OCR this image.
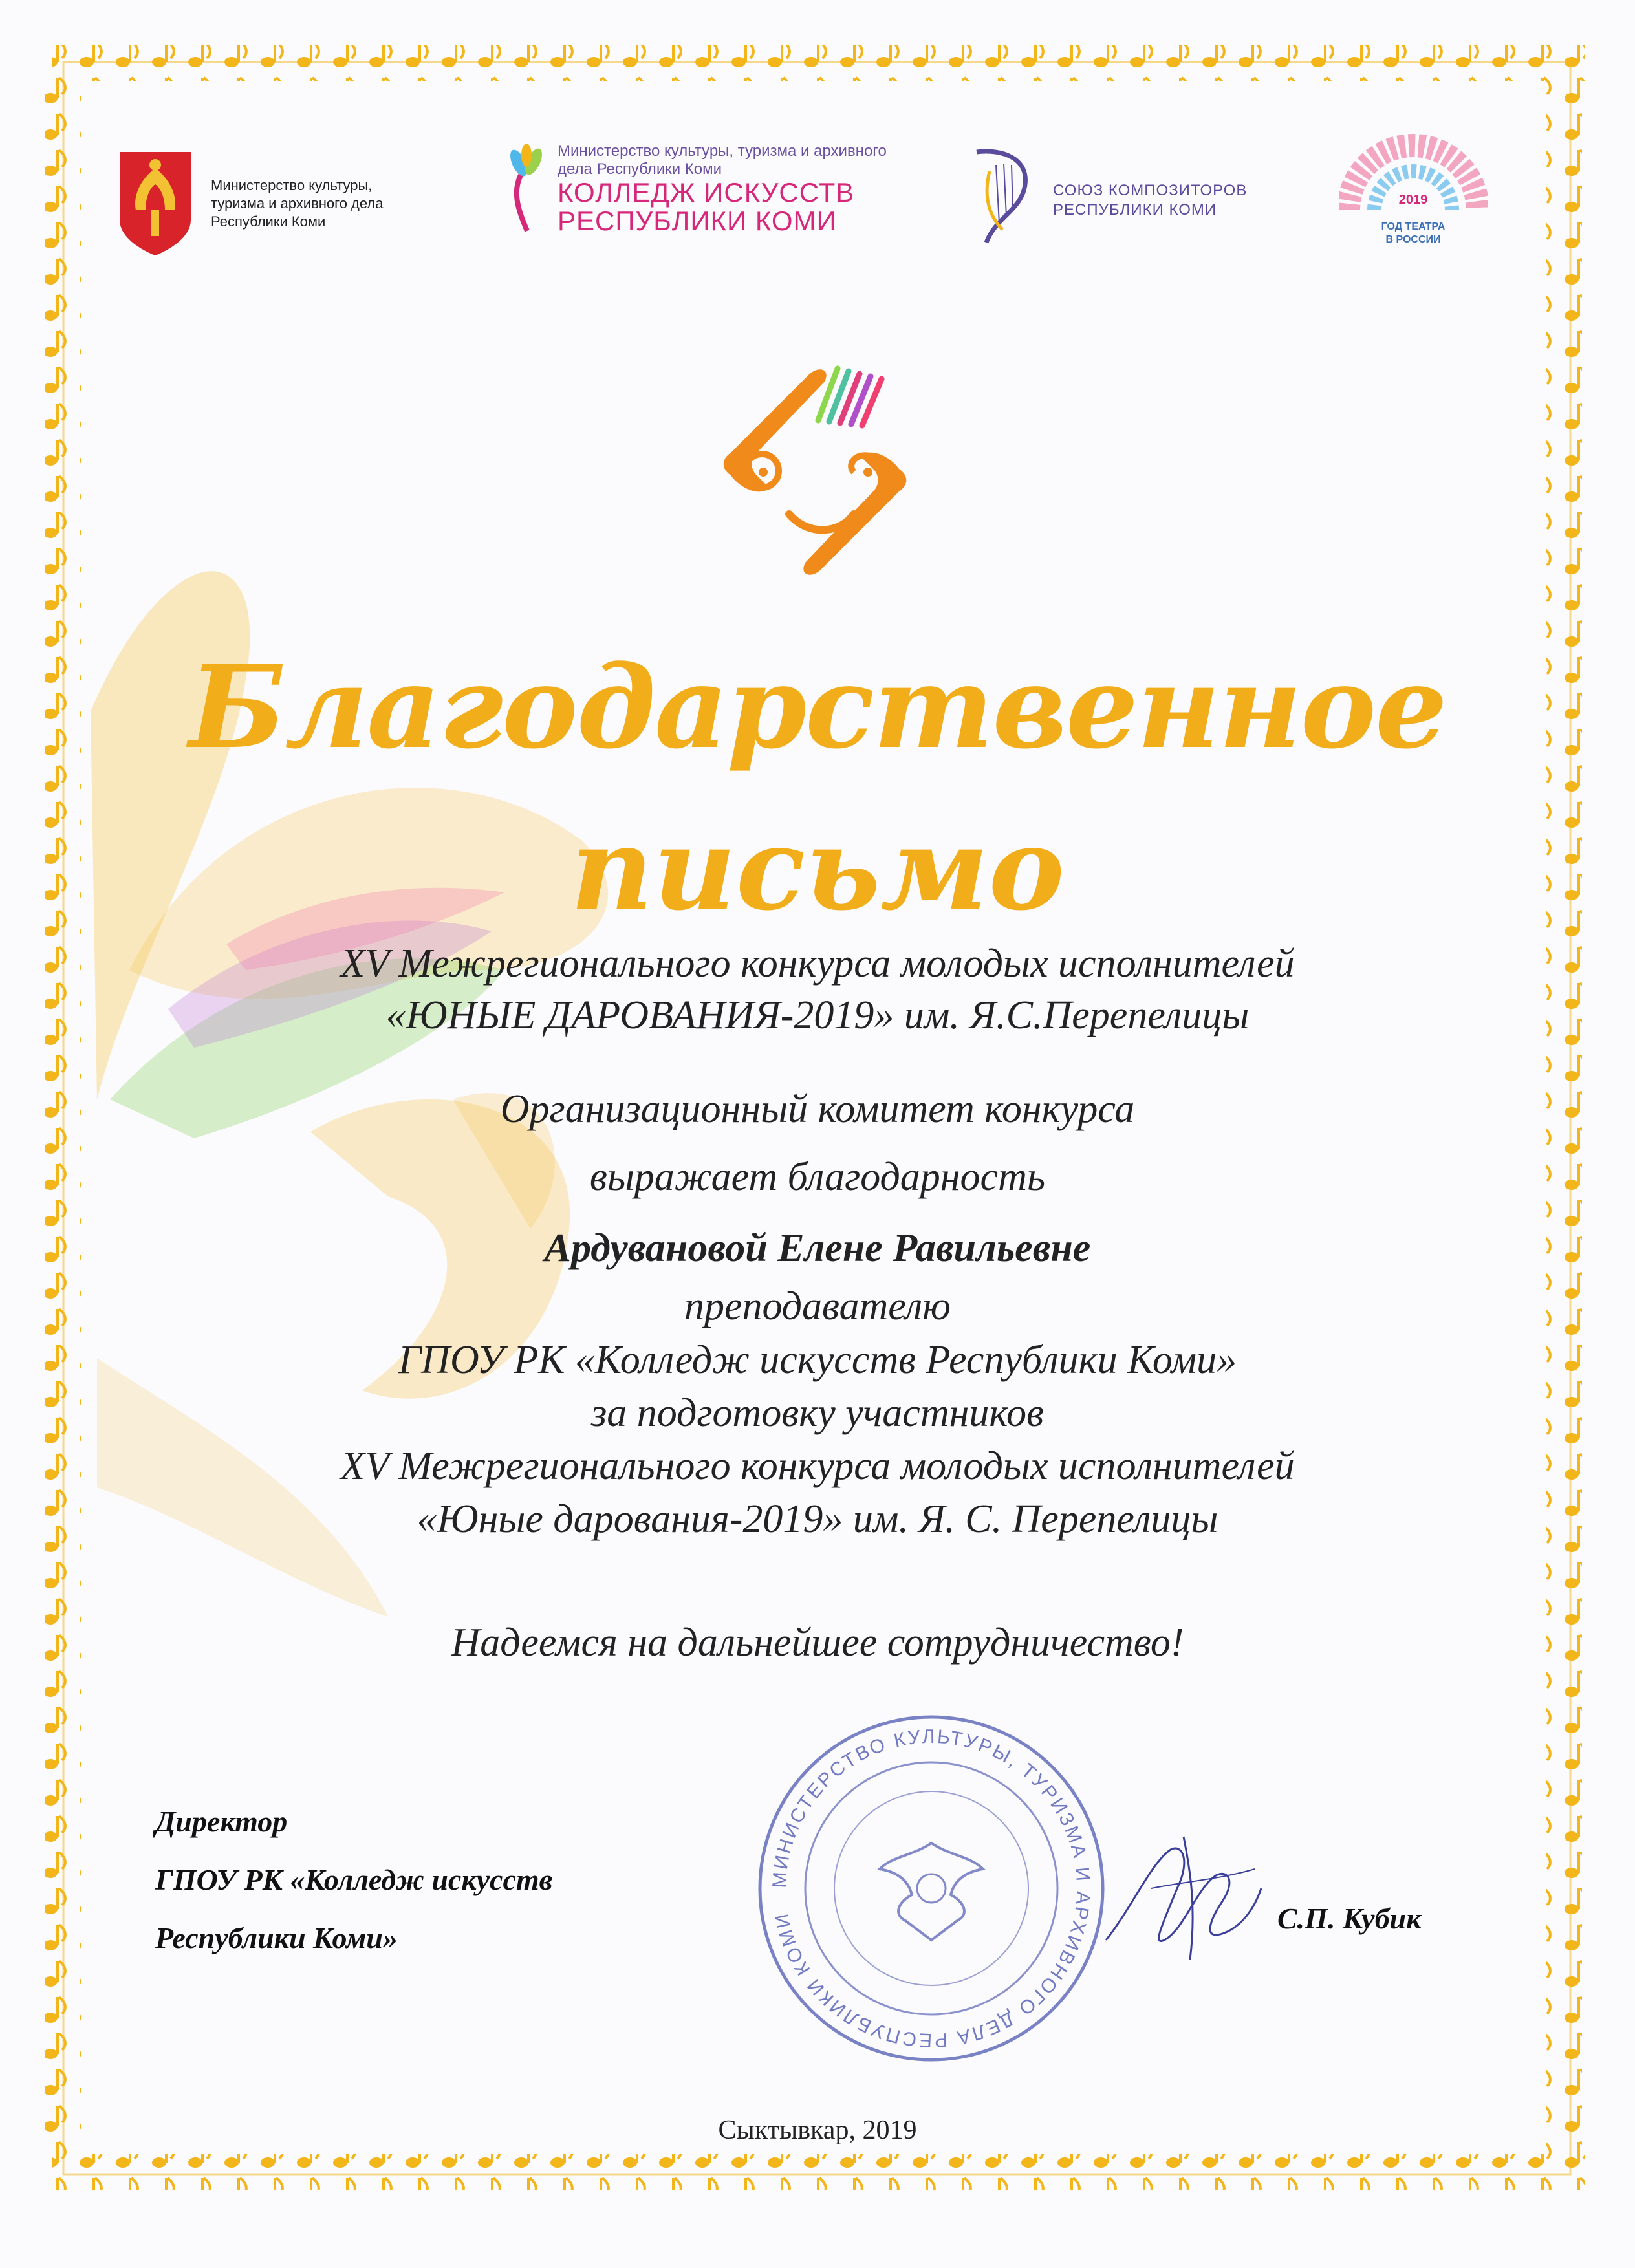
Министерство культуры, туризма и архивного дела Республики Коми
Министерство культуры, туризма и архивного дела Республики Коми
КОЛЛЕДЖ ИСКУССТВ
РЕСПУБЛИКИ КОМИ
СОЮЗ КОМПОЗИТОРОВ
РЕСПУБЛИКИ КОМИ
2019
ГОД ТЕАТРА
В РОССИИ
Благодарственное
письмо
XV Межрегионального конкурса молодых исполнителей
«ЮНЫЕ ДАРОВАНИЯ-2019» им. Я.С.Перепелицы
Организационный комитет конкурса
выражает благодарность
Ардувановой Елене Равильевне
преподавателю
ГПОУ РК «Колледж искусств Республики Коми»
за подготовку участников
XV Межрегионального конкурса молодых исполнителей
«Юные дарования-2019» им. Я. С. Перепелицы
Надеемся на дальнейшее сотрудничество!
Директор
ГПОУ РК «Колледж искусств
Республики Коми»
С.П. Кубик
МИНИСТЕРСТВО КУЛЬТУРЫ, ТУРИЗМА И АРХИВНОГО ДЕЛА РЕСПУБЛИКИ КОМИ
Сыктывкар, 2019
